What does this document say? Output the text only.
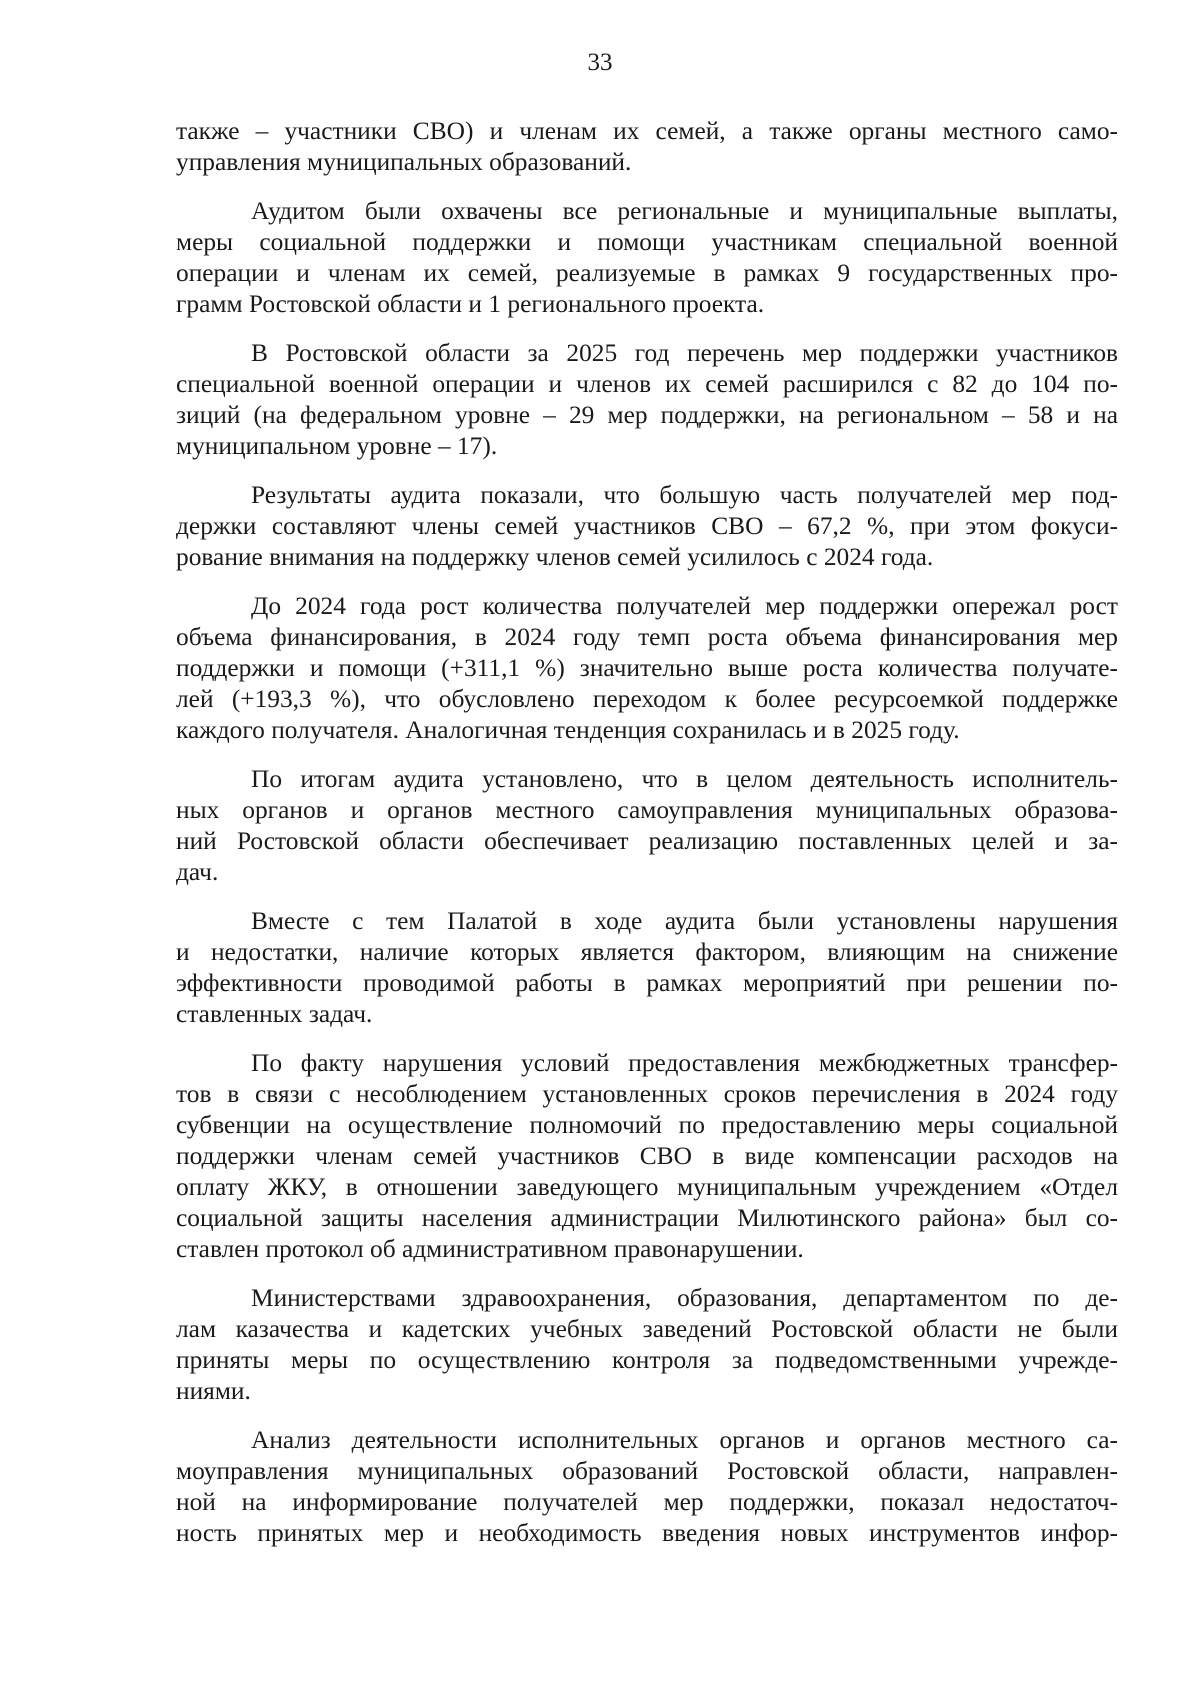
33
также – участники СВО) и членам их семей, а также органы местного само-
управления муниципальных образований.
Аудитом были охвачены все региональные и муниципальные выплаты,
меры социальной поддержки и помощи участникам специальной военной
операции и членам их семей, реализуемые в рамках 9 государственных про-
грамм Ростовской области и 1 регионального проекта.
В Ростовской области за 2025 год перечень мер поддержки участников
специальной военной операции и членов их семей расширился с 82 до 104 по-
зиций (на федеральном уровне – 29 мер поддержки, на региональном – 58 и на
муниципальном уровне – 17).
Результаты аудита показали, что большую часть получателей мер под-
держки составляют члены семей участников СВО – 67,2 %, при этом фокуси-
рование внимания на поддержку членов семей усилилось с 2024 года.
До 2024 года рост количества получателей мер поддержки опережал рост
объема финансирования, в 2024 году темп роста объема финансирования мер
поддержки и помощи (+311,1 %) значительно выше роста количества получате-
лей (+193,3 %), что обусловлено переходом к более ресурсоемкой поддержке
каждого получателя. Аналогичная тенденция сохранилась и в 2025 году.
По итогам аудита установлено, что в целом деятельность исполнитель-
ных органов и органов местного самоуправления муниципальных образова-
ний Ростовской области обеспечивает реализацию поставленных целей и за-
дач.
Вместе с тем Палатой в ходе аудита были установлены нарушения
и недостатки, наличие которых является фактором, влияющим на снижение
эффективности проводимой работы в рамках мероприятий при решении по-
ставленных задач.
По факту нарушения условий предоставления межбюджетных трансфер-
тов в связи с несоблюдением установленных сроков перечисления в 2024 году
субвенции на осуществление полномочий по предоставлению меры социальной
поддержки членам семей участников СВО в виде компенсации расходов на
оплату ЖКУ, в отношении заведующего муниципальным учреждением «Отдел
социальной защиты населения администрации Милютинского района» был со-
ставлен протокол об административном правонарушении.
Министерствами здравоохранения, образования, департаментом по де-
лам казачества и кадетских учебных заведений Ростовской области не были
приняты меры по осуществлению контроля за подведомственными учрежде-
ниями.
Анализ деятельности исполнительных органов и органов местного са-
моуправления муниципальных образований Ростовской области, направлен-
ной на информирование получателей мер поддержки, показал недостаточ-
ность принятых мер и необходимость введения новых инструментов инфор-
